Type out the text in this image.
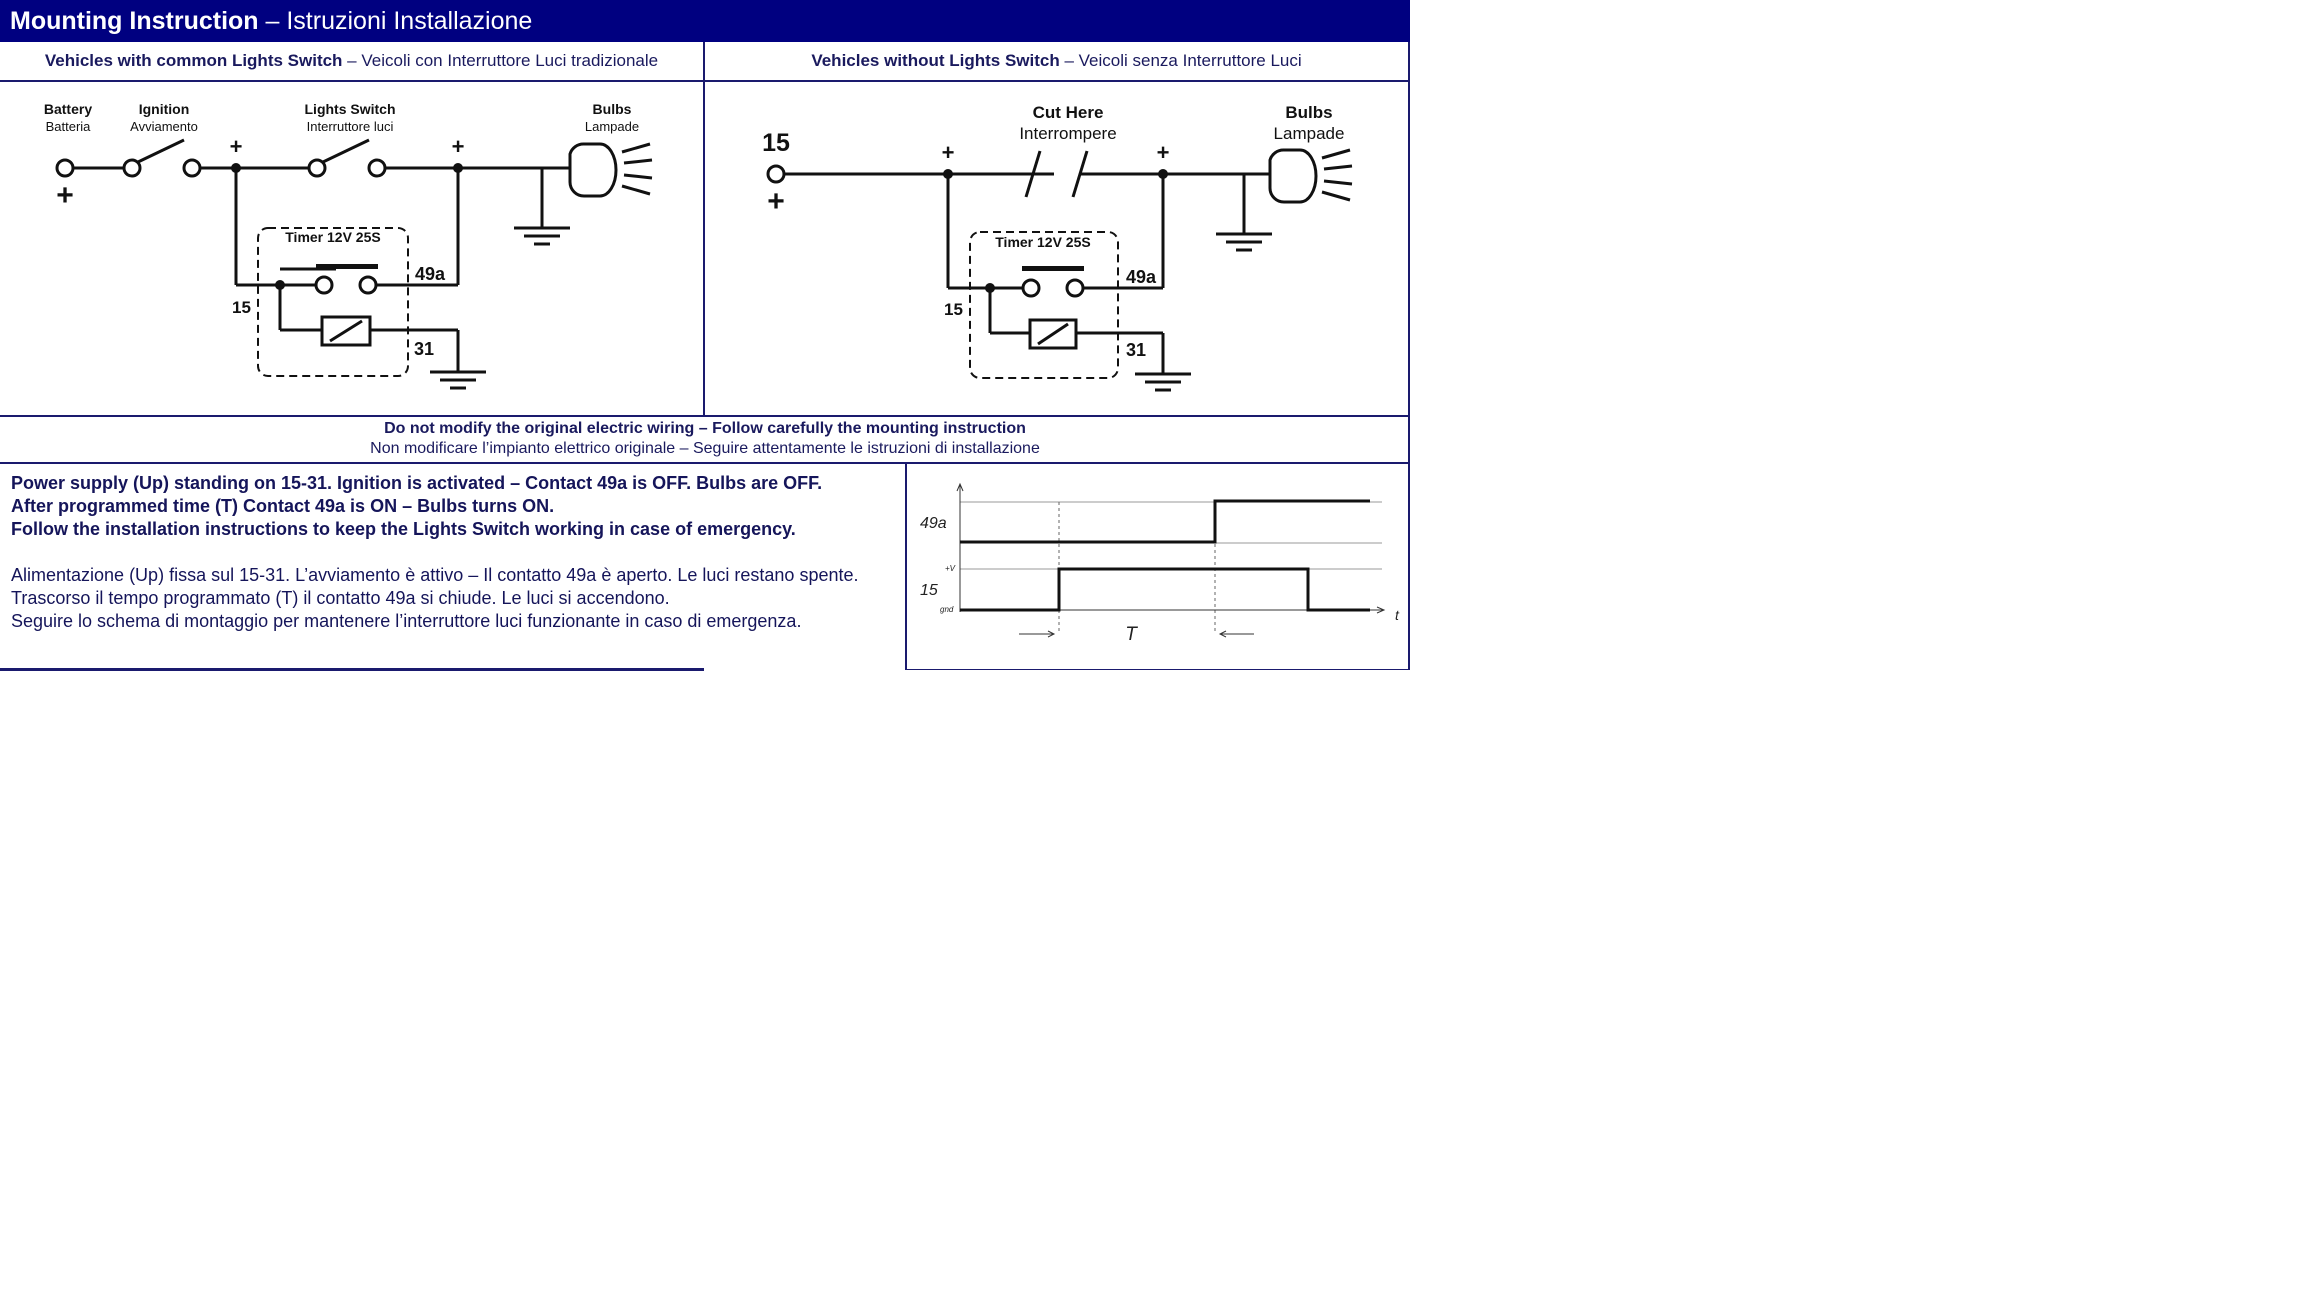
Mounting Instruction – Istruzioni Installazione
Vehicles with common Lights Switch – Veicoli con Interruttore Luci tradizionale	Vehicles without Lights Switch – Veicoli senza Interruttore Luci
Battery
Batteria
Ignition
Avviamento
Lights Switch
Interruttore luci
Bulbs
Lampade
+
+	+
Timer 12V 25S
49a
15
31
15
+
Cut Here
Interrompere
Bulbs
Lampade
+	+
Timer 12V 25S
49a
15
31
Do not modify the original electric wiring – Follow carefully the mounting instruction
Non modificare l’impianto elettrico originale – Seguire attentamente le istruzioni di installazione

Power supply (Up) standing on 15-31. Ignition is activated – Contact 49a is OFF. Bulbs are OFF.

After programmed time (T) Contact 49a is ON – Bulbs turns ON.

Follow the installation instructions to keep the Lights Switch working in case of emergency.

Alimentazione (Up) fissa sul 15-31. L’avviamento è attivo – Il contatto 49a è aperto. Le luci restano spente.

Trascorso il tempo programmato (T) il contatto 49a si chiude. Le luci si accendono.

Seguire lo schema di montaggio per mantenere l’interruttore luci funzionante in caso di emergenza.

49a
15
+V
gnd	t
T
